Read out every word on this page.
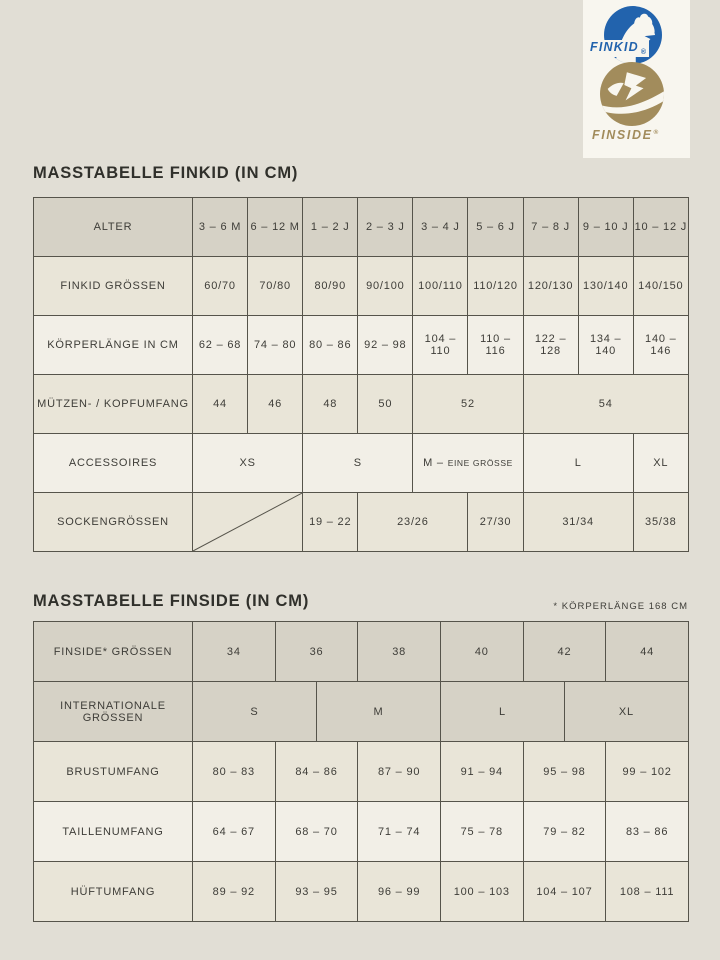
FINKID $_®$
FINSIDE®
MASSTABELLE FINKID (IN CM)
ALTER	3 – 6 M	6 – 12 M	1 – 2 J	2 – 3 J	3 – 4 J	5 – 6 J	7 – 8 J	9 – 10 J	10 – 12 J
FINKID GRÖSSEN	60/70	70/80	80/90	90/100	100/110	110/120	120/130	130/140	140/150
KÖRPERLÄNGE IN CM	62 – 68	74 – 80	80 – 86	92 – 98	104 – 110	110 – 116	122 – 128	134 – 140	140 – 146
MÜTZEN- / KOPFUMFANG	44	46	48	50	52		54		
ACCESSOIRES	XS		S		M – EINE GRÖSSE		L		XL
SOCKENGRÖSSEN			19 – 22	23/26		27/30	31/34		35/38
MASSTABELLE FINSIDE (IN CM)	* KÖRPERLÄNGE 168 CM
FINSIDE* GRÖSSEN	34	36		38	40	42		44
INTERNATIONALE GRÖSSEN	S		M		L		XL	
BRUSTUMFANG	80 – 83	84 – 86		87 – 90	91 – 94	95 – 98		99 – 102
TAILLENUMFANG	64 – 67	68 – 70		71 – 74	75 – 78	79 – 82		83 – 86
HÜFTUMFANG	89 – 92	93 – 95		96 – 99	100 – 103	104 – 107		108 – 111
